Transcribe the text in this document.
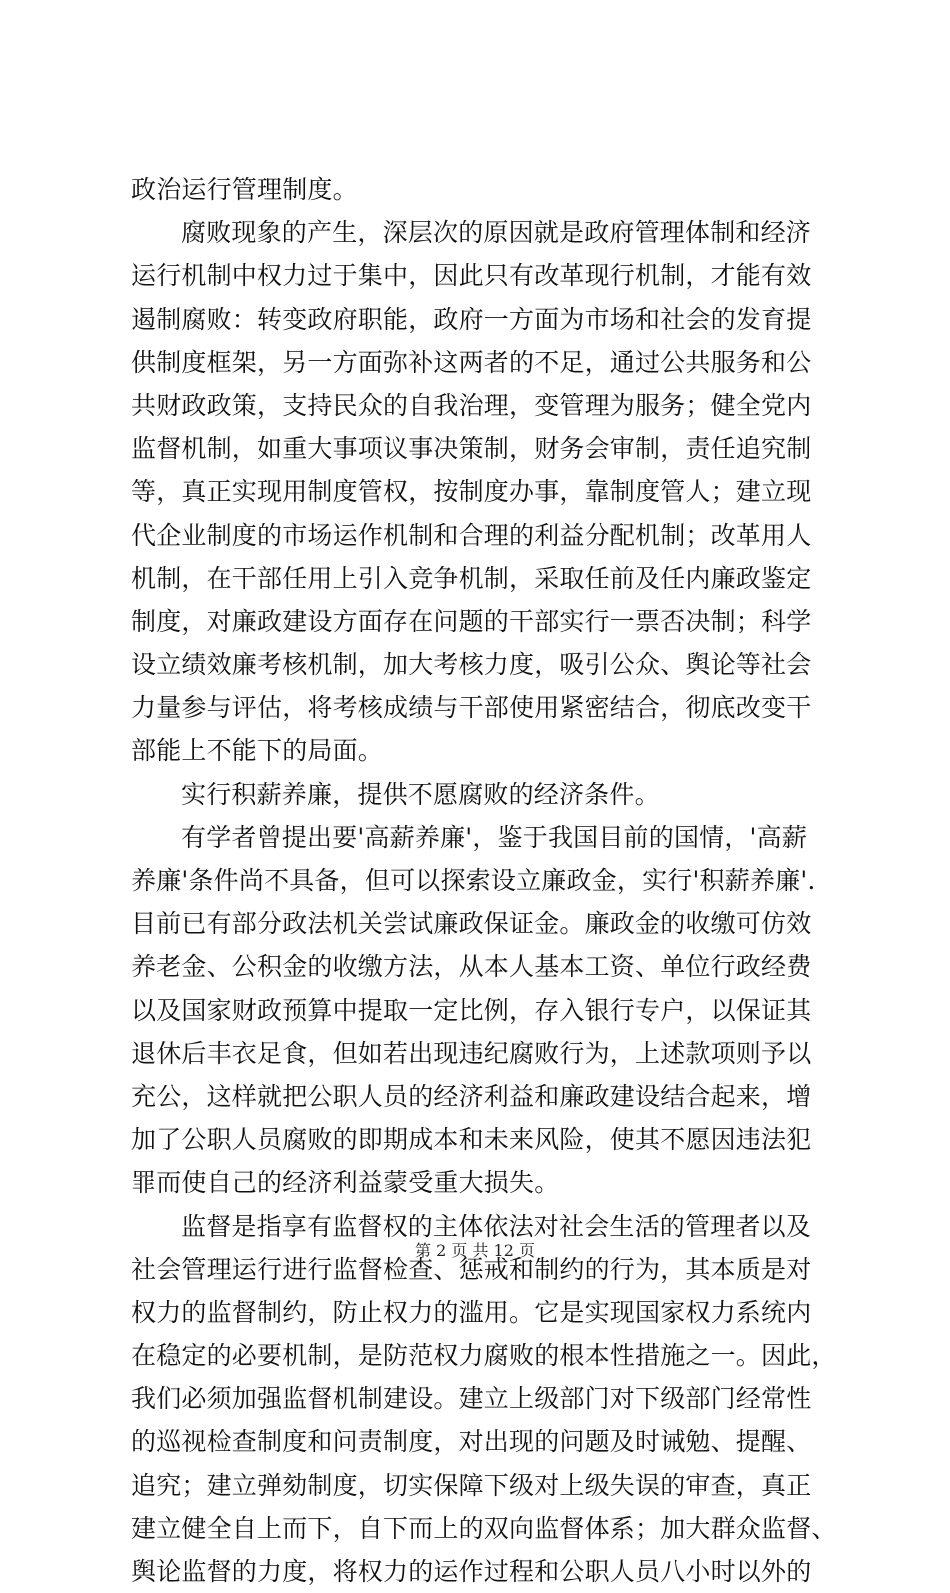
政治运行管理制度。
腐败现象的产生，深层次的原因就是政府管理体制和经济
运行机制中权力过于集中，因此只有改革现行机制，才能有效
遏制腐败：转变政府职能，政府一方面为市场和社会的发育提
供制度框架，另一方面弥补这两者的不足，通过公共服务和公
共财政政策，支持民众的自我治理，变管理为服务；健全党内
监督机制，如重大事项议事决策制，财务会审制，责任追究制
等，真正实现用制度管权，按制度办事，靠制度管人；建立现
代企业制度的市场运作机制和合理的利益分配机制；改革用人
机制，在干部任用上引入竞争机制，采取任前及任内廉政鉴定
制度，对廉政建设方面存在问题的干部实行一票否决制；科学
设立绩效廉考核机制，加大考核力度，吸引公众、舆论等社会
力量参与评估，将考核成绩与干部使用紧密结合，彻底改变干
部能上不能下的局面。
实行积薪养廉，提供不愿腐败的经济条件。
有学者曾提出要'高薪养廉'，鉴于我国目前的国情，'高薪
养廉'条件尚不具备，但可以探索设立廉政金，实行'积薪养廉'.
目前已有部分政法机关尝试廉政保证金。廉政金的收缴可仿效
养老金、公积金的收缴方法，从本人基本工资、单位行政经费
以及国家财政预算中提取一定比例，存入银行专户，以保证其
退休后丰衣足食，但如若出现违纪腐败行为，上述款项则予以
充公，这样就把公职人员的经济利益和廉政建设结合起来，增
加了公职人员腐败的即期成本和未来风险，使其不愿因违法犯
罪而使自己的经济利益蒙受重大损失。
监督是指享有监督权的主体依法对社会生活的管理者以及
社会管理运行进行监督检查、惩戒和制约的行为，其本质是对
权力的监督制约，防止权力的滥用。它是实现国家权力系统内
在稳定的必要机制，是防范权力腐败的根本性措施之一。因此，
我们必须加强监督机制建设。建立上级部门对下级部门经常性
的巡视检查制度和问责制度，对出现的问题及时诫勉、提醒、
追究；建立弹劾制度，切实保障下级对上级失误的审查，真正
建立健全自上而下，自下而上的双向监督体系；加大群众监督、
舆论监督的力度，将权力的运作过程和公职人员八小时以外的
第 2 页 共 12 页
